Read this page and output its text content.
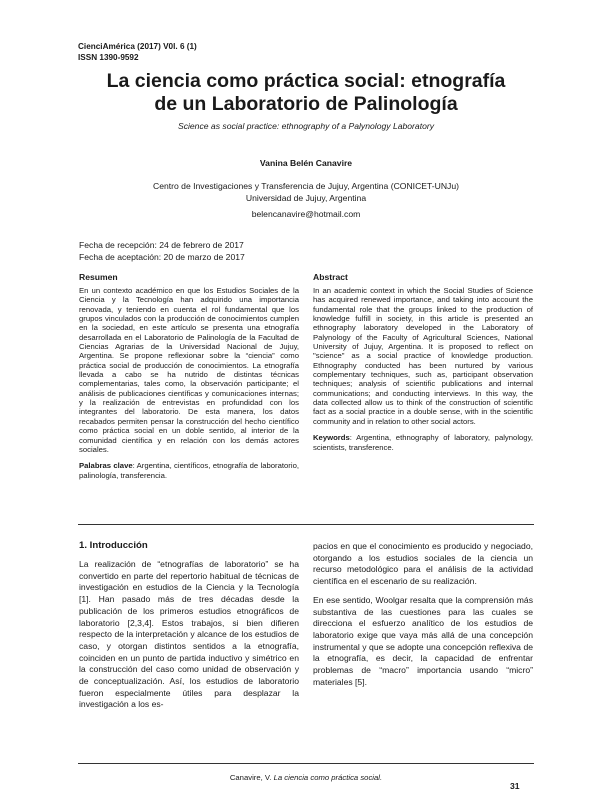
CienciAmérica (2017) V0l. 6 (1)
ISSN 1390-9592
La ciencia como práctica social: etnografía
de un Laboratorio de Palinología
Science as social practice: ethnography of a Palynology Laboratory
Vanina Belén Canavire
Centro de Investigaciones y Transferencia de Jujuy, Argentina (CONICET-UNJu)
Universidad de Jujuy, Argentina
belencanavire@hotmail.com
Fecha de recepción: 24 de febrero de 2017
Fecha de aceptación: 20 de marzo de 2017
Resumen

En un contexto académico en que los Estudios Sociales de la Ciencia y la Tecnología han adquirido una importancia renovada, y teniendo en cuenta el rol fundamental que los grupos vinculados con la producción de conocimientos cumplen en la sociedad, en este artículo se presenta una etnografía desarrollada en el Laboratorio de Palinología de la Facultad de Ciencias Agrarias de la Universidad Nacional de Jujuy, Argentina. Se propone reflexionar sobre la “ciencia” como práctica social de producción de conocimientos. La etnografía llevada a cabo se ha nutrido de distintas técnicas complementarias, tales como, la observación participante; el análisis de publicaciones científicas y comunicaciones internas; y la realización de entrevistas en profundidad con los integrantes del laboratorio. De esta manera, los datos recabados permiten pensar la construcción del hecho científico como práctica social en un doble sentido, al interior de la comunidad científica y en relación con los demás actores sociales.

Palabras clave: Argentina, científicos, etnografía de laboratorio, palinología, transferencia.

Abstract

In an academic context in which the Social Studies of Science has acquired renewed importance, and taking into account the fundamental role that the groups linked to the production of knowledge fulfill in society, in this article is presented an ethnography laboratory developed in the Laboratory of Palynology of the Faculty of Agricultural Sciences, National University of Jujuy, Argentina. It is proposed to reflect on "science" as a social practice of knowledge production. Ethnography conducted has been nurtured by various complementary techniques, such as, participant observation techniques; analysis of scientific publications and internal communications; and conducting interviews. In this way, the data collected allow us to think of the construction of scientific fact as a social practice in a double sense, with in the scientific community and in relation to other social actors.

Keywords: Argentina, ethnography of laboratory, palynology, scientists, transference.

1. Introducción

La realización de “etnografías de laboratorio” se ha convertido en parte del repertorio habitual de técnicas de investigación en estudios de la Ciencia y la Tecnología [1]. Han pasado más de tres décadas desde la publicación de los primeros estudios etnográficos de laboratorio [2,3,4]. Estos trabajos, si bien difieren respecto de la interpretación y alcance de los estudios de caso, y otorgan distintos sentidos a la etnografía, coinciden en un punto de partida inductivo y simétrico en la construcción del caso como unidad de observación y de conceptualización. Así, los estudios de laboratorio fueron especialmente útiles para desplazar la investigación a los es-

pacios en que el conocimiento es producido y negociado, otorgando a los estudios sociales de la ciencia un recurso metodológico para el análisis de la actividad científica en el escenario de su realización.

En ese sentido, Woolgar resalta que la comprensión más substantiva de las cuestiones para las cuales se direcciona el esfuerzo analítico de los estudios de laboratorio exige que vaya más allá de una concepción instrumental y que se adopte una concepción reflexiva de la etnografía, es decir, la capacidad de enfrentar problemas de “macro” importancia usando “micro” materiales [5].

Canavire, V. La ciencia como práctica social.
31
